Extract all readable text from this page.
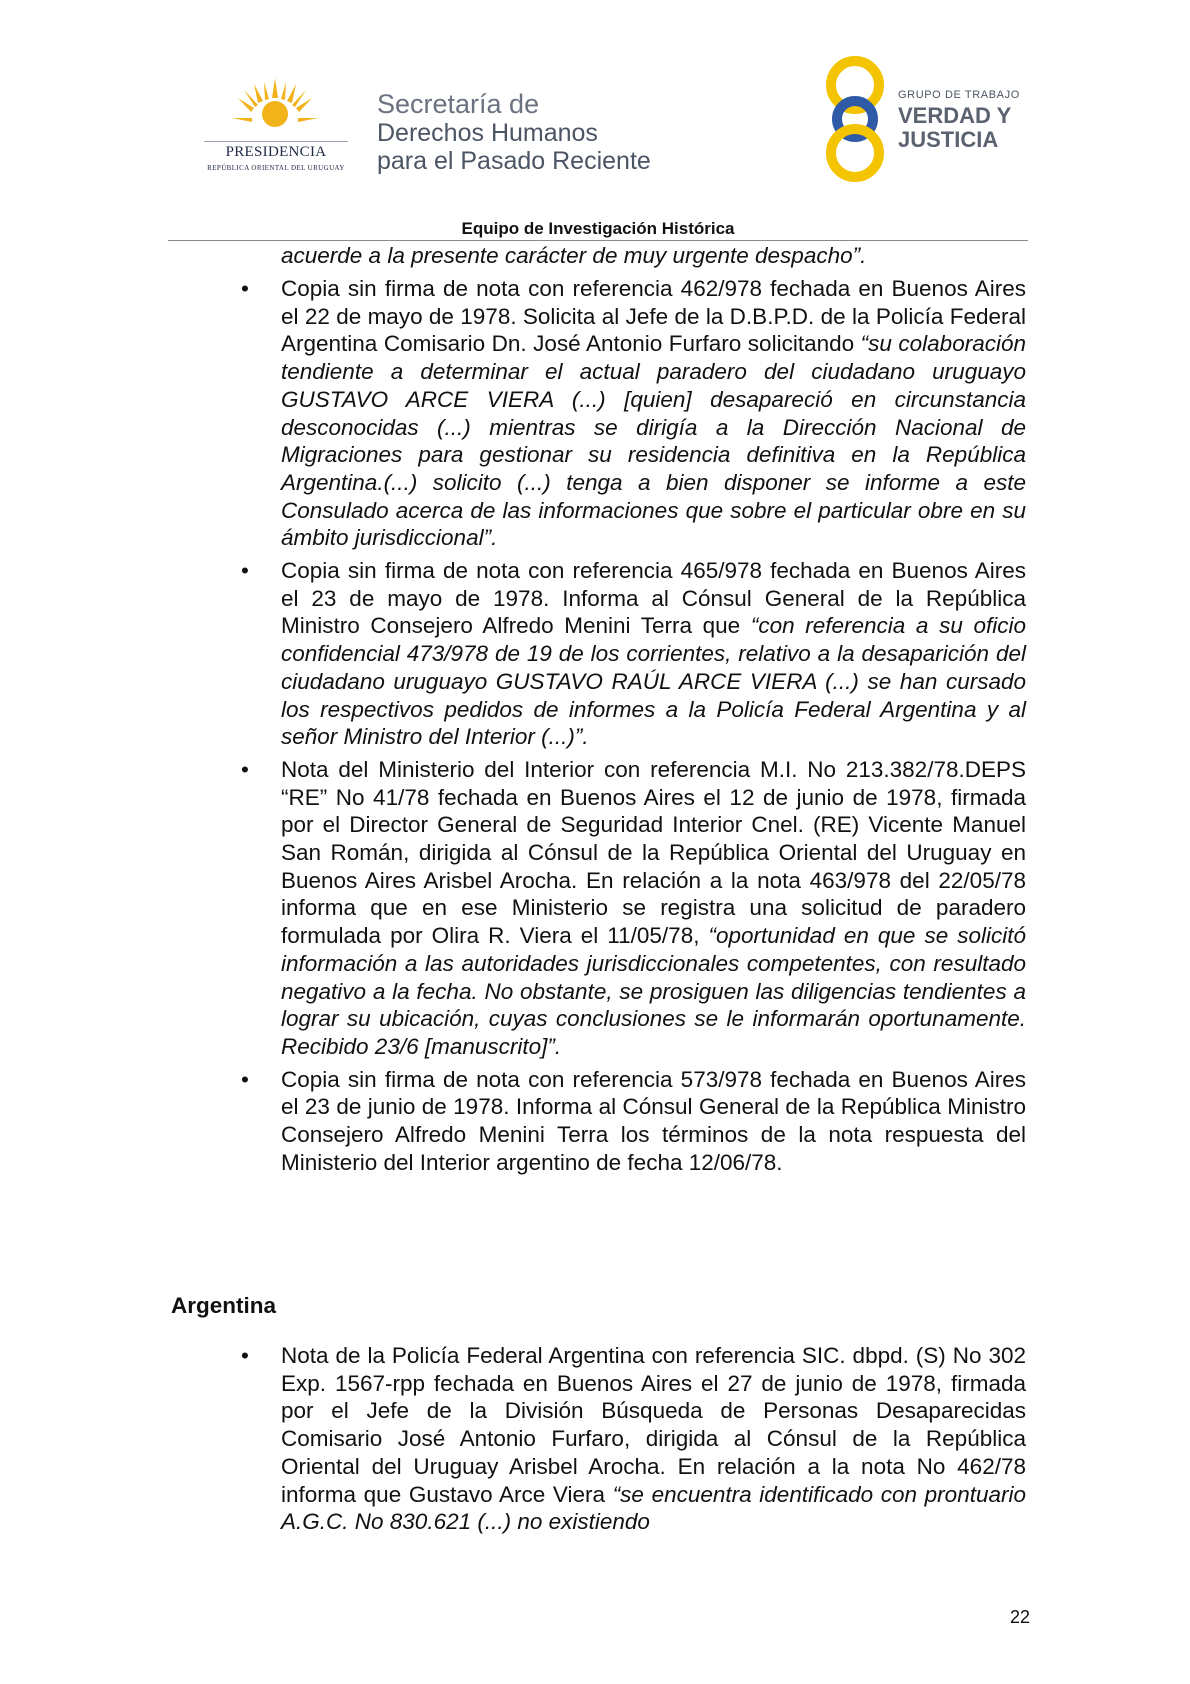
PRESIDENCIA
REPÚBLICA ORIENTAL DEL URUGUAY
Secretaría de
Derechos Humanos
para el Pasado Reciente
GRUPO DE TRABAJO
VERDAD Y
JUSTICIA
Equipo de Investigación Histórica
acuerde a la presente carácter de muy urgente despacho”.
•	Copia sin firma de nota con referencia 462/978 fechada en Buenos Aires el 22 de mayo de 1978. Solicita al Jefe de la D.B.P.D. de la Policía Federal Argentina Comisario Dn. José Antonio Furfaro solicitando “su colaboración tendiente a determinar el actual paradero del ciudadano uruguayo GUSTAVO ARCE VIERA (...) [quien] desapareció en circunstancia desconocidas (...) mientras se dirigía a la Dirección Nacional de Migraciones para gestionar su residencia definitiva en la República Argentina.(...) solicito (...) tenga a bien disponer se informe a este Consulado acerca de las informaciones que sobre el particular obre en su ámbito jurisdiccional”.
•	Copia sin firma de nota con referencia 465/978 fechada en Buenos Aires el 23 de mayo de 1978. Informa al Cónsul General de la República Ministro Consejero Alfredo Menini Terra que “con referencia a su oficio confidencial 473/978 de 19 de los corrientes, relativo a la desaparición del ciudadano uruguayo GUSTAVO RAÚL ARCE VIERA (...) se han cursado los respectivos pedidos de informes a la Policía Federal Argentina y al señor Ministro del Interior (...)”.
•	Nota del Ministerio del Interior con referencia M.I. No 213.382/78.DEPS “RE” No 41/78 fechada en Buenos Aires el 12 de junio de 1978, firmada por el Director General de Seguridad Interior Cnel. (RE) Vicente Manuel San Román, dirigida al Cónsul de la República Oriental del Uruguay en Buenos Aires Arisbel Arocha. En relación a la nota 463/978 del 22/05/78 informa que en ese Ministerio se registra una solicitud de paradero formulada por Olira R. Viera el 11/05/78, “oportunidad en que se solicitó información a las autoridades jurisdiccionales competentes, con resultado negativo a la fecha. No obstante, se prosiguen las diligencias tendientes a lograr su ubicación, cuyas conclusiones se le informarán oportunamente. Recibido 23/6 [manuscrito]”.
•	Copia sin firma de nota con referencia 573/978 fechada en Buenos Aires el 23 de junio de 1978. Informa al Cónsul General de la República Ministro Consejero Alfredo Menini Terra los términos de la nota respuesta del Ministerio del Interior argentino de fecha 12/06/78.
Argentina
•	Nota de la Policía Federal Argentina con referencia SIC. dbpd. (S) No 302 Exp. 1567-rpp fechada en Buenos Aires el 27 de junio de 1978, firmada por el Jefe de la División Búsqueda de Personas Desaparecidas Comisario José Antonio Furfaro, dirigida al Cónsul de la República Oriental del Uruguay Arisbel Arocha. En relación a la nota No 462/78 informa que Gustavo Arce Viera “se encuentra identificado con prontuario A.G.C. No 830.621 (...) no existiendo
22
